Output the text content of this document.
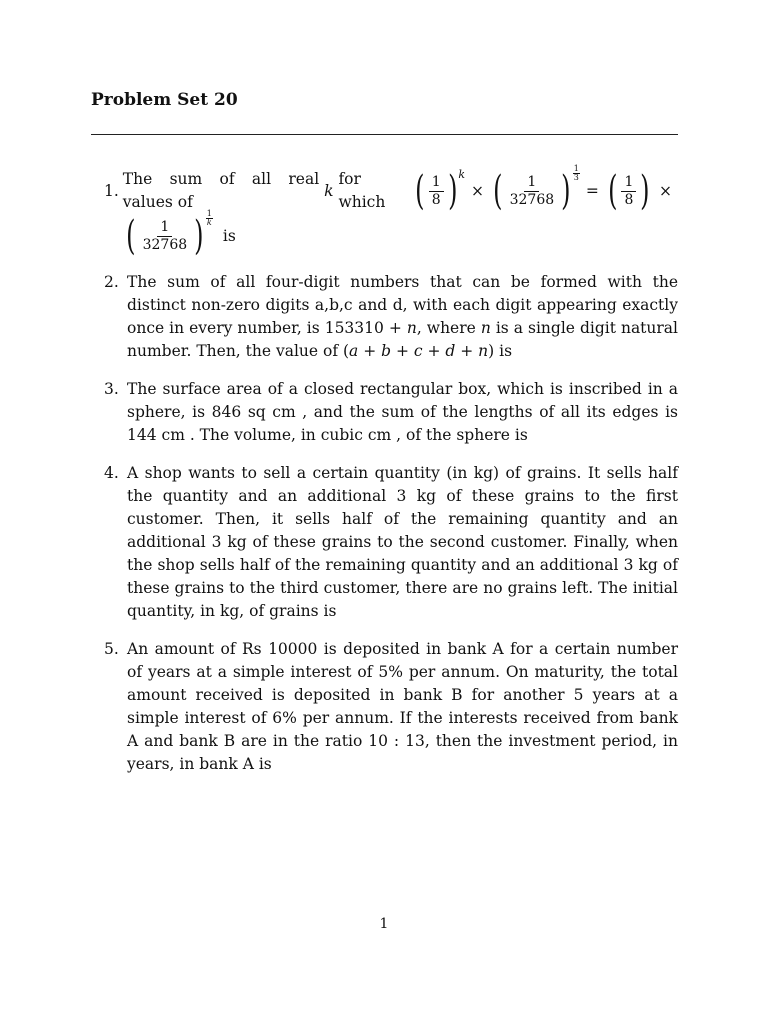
Problem Set 20
1.
The sum of all real values of

k

for which ( $\frac{1}{8}$ ) k
× ( $\frac{1}{32768}$ ) 1
3
= ( $\frac{1}{8}$ ) ×
( $\frac{1}{32768}$ ) 1
k
is
2. The sum of all four-digit numbers that can be formed with the distinct non-zero digits a,b,c and d, with each digit appearing exactly once in every number, is 153310 + n, where n is a single digit natural number. Then, the value of (a + b + c + d + n) is
3. The surface area of a closed rectangular box, which is inscribed in a sphere, is 846 sq cm , and the sum of the lengths of all its edges is 144 cm . The volume, in cubic cm , of the sphere is
4. A shop wants to sell a certain quantity (in kg) of grains. It sells half the quantity and an additional 3 kg of these grains to the first customer. Then, it sells half of the remaining quantity and an additional 3 kg of these grains to the second customer. Finally, when the shop sells half of the remaining quantity and an additional 3 kg of these grains to the third customer, there are no grains left. The initial quantity, in kg, of grains is
5. An amount of Rs 10000 is deposited in bank A for a certain number of years at a simple interest of 5% per annum. On maturity, the total amount received is deposited in bank B for another 5 years at a simple interest of 6% per annum. If the interests received from bank A and bank B are in the ratio 10 : 13, then the investment period, in years, in bank A is
1
